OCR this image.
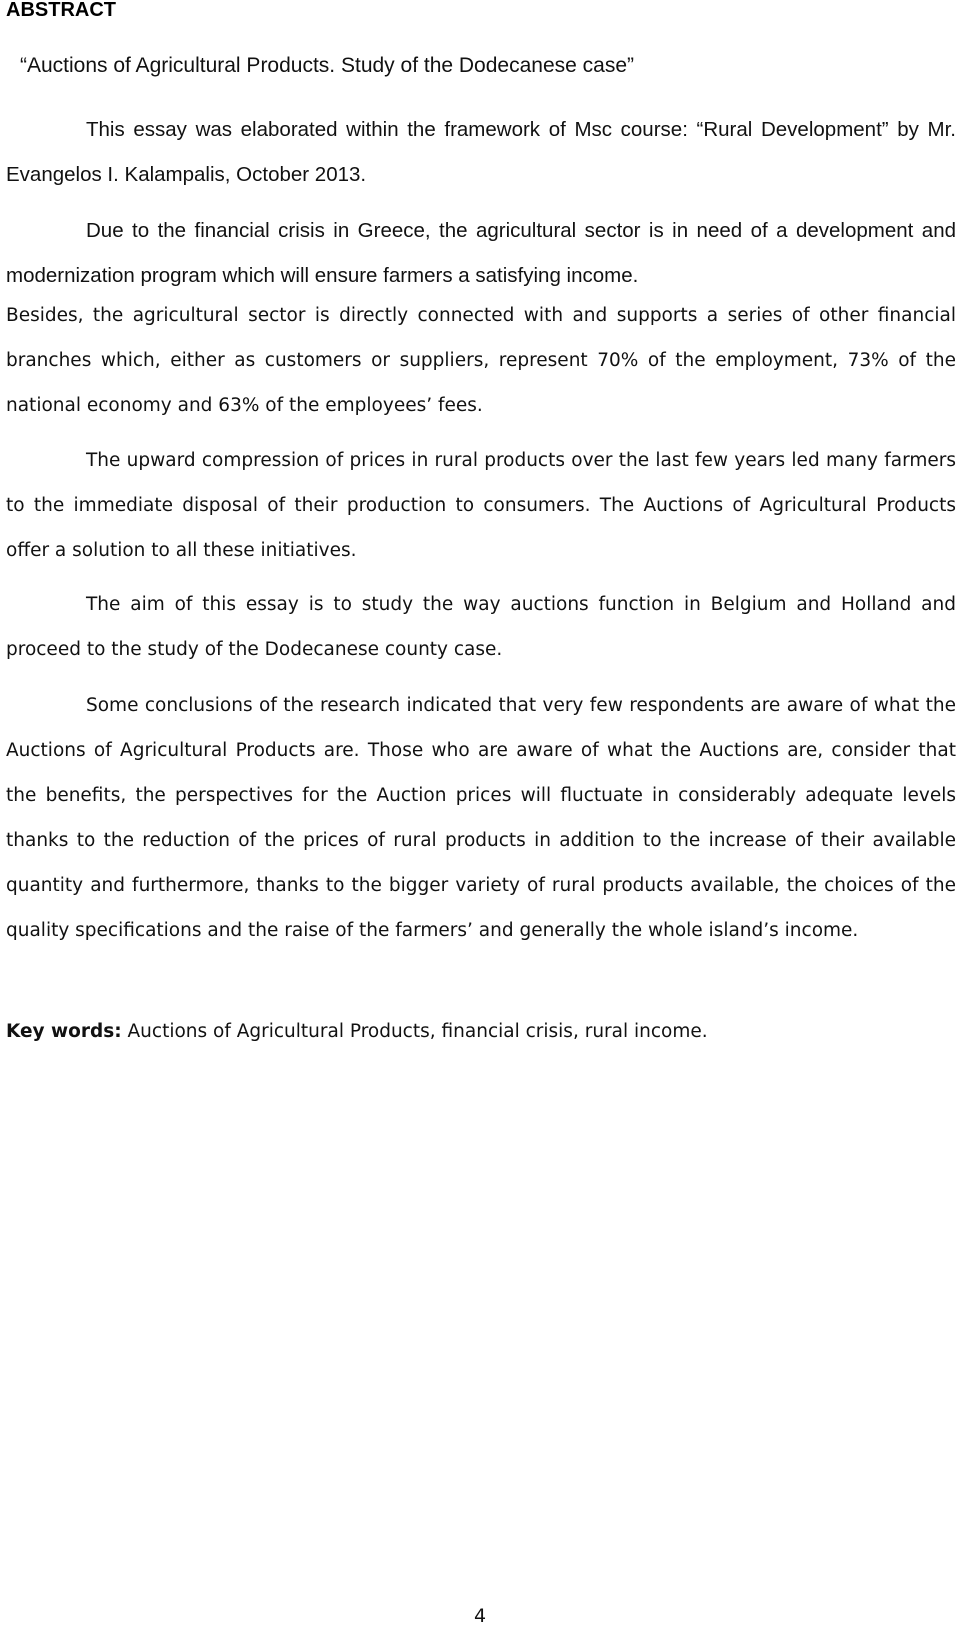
ABSTRACT

“Auctions of Agricultural Products. Study of the Dodecanese case”

This essay was elaborated within the framework of Msc course: “Rural Development” by Mr. Evangelos I. Kalampalis, October 2013.

Due to the financial crisis in Greece, the agricultural sector is in need of a development and modernization program which will ensure farmers a satisfying income.

Besides, the agricultural sector is directly connected with and supports a series of other financial branches which, either as customers or suppliers, represent 70% of the employment, 73% of the national economy and 63% of the employees’ fees.

The upward compression of prices in rural products over the last few years led many farmers to the immediate disposal of their production to consumers. The Auctions of Agricultural Products offer a solution to all these initiatives.

The aim of this essay is to study the way auctions function in Belgium and Holland and proceed to the study of the Dodecanese county case.

Some conclusions of the research indicated that very few respondents are aware of what the Auctions of Agricultural Products are. Those who are aware of what the Auctions are, consider that the benefits, the perspectives for the Auction prices will fluctuate in considerably adequate levels thanks to the reduction of the prices of rural products in addition to the increase of their available quantity and furthermore, thanks to the bigger variety of rural products available, the choices of the quality specifications and the raise of the farmers’ and generally the whole island’s income.

Key words: Auctions of Agricultural Products, financial crisis, rural income.

4
